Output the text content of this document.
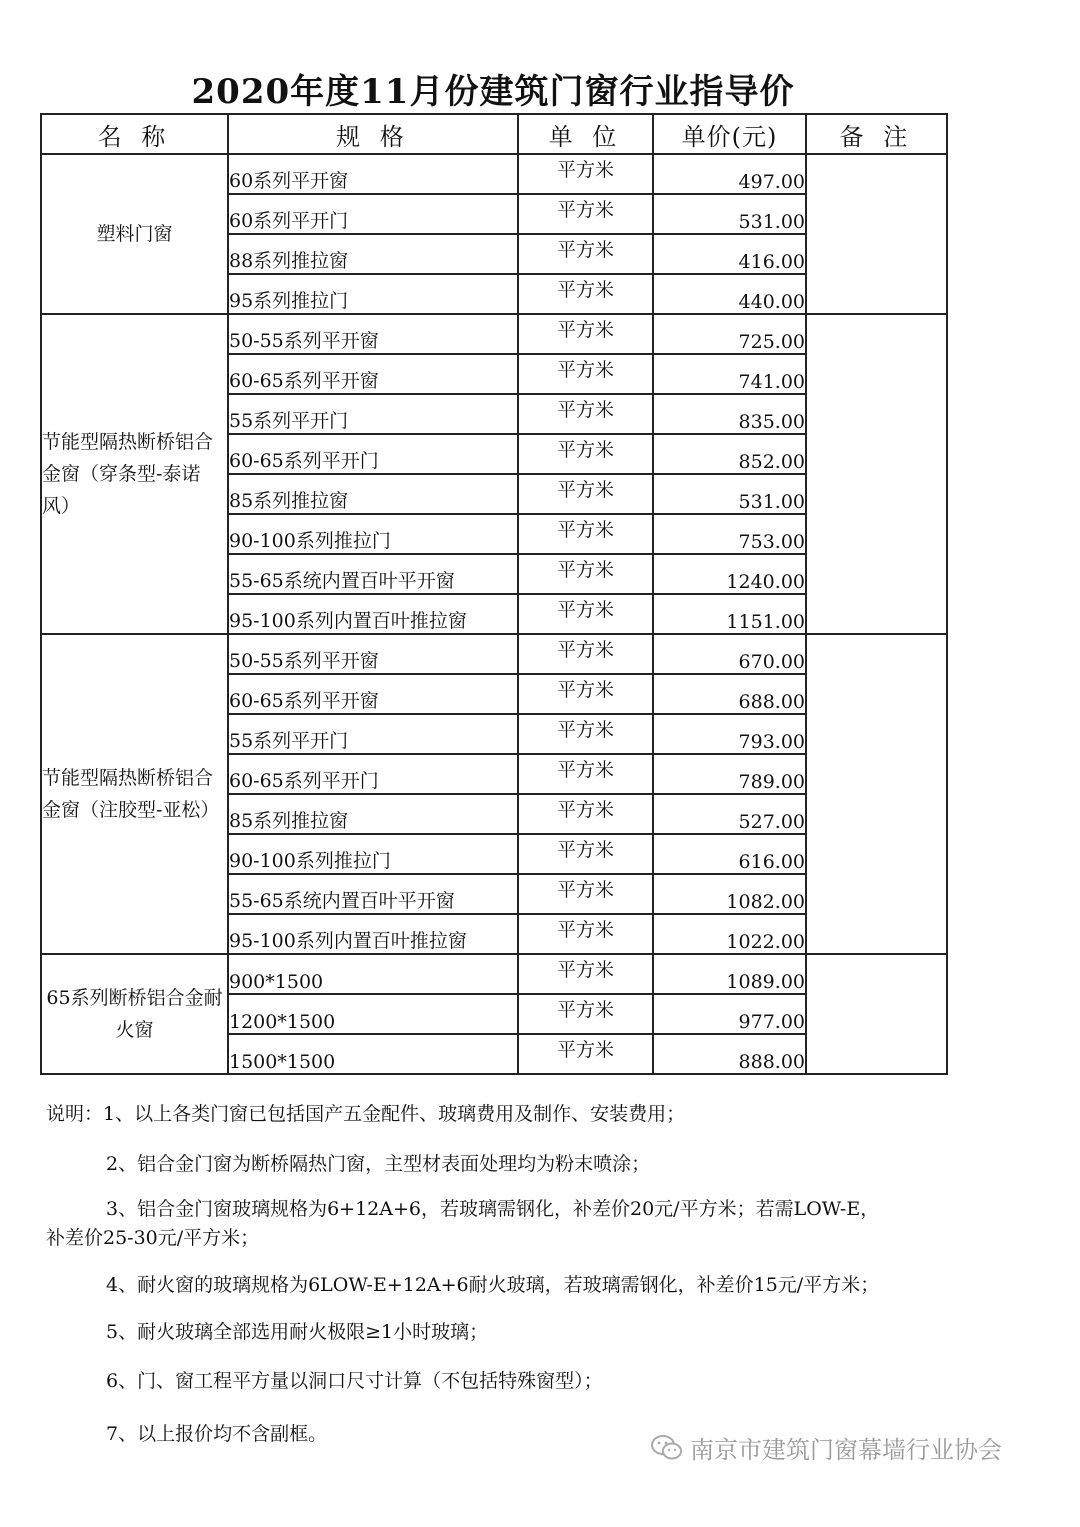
2020年度11月份建筑门窗行业指导价
名 称	规 格	单 位	单价(元)	备 注
塑料门窗	60系列平开窗	平方米	497.00	
	60系列平开门	平方米	531.00	
	88系列推拉窗	平方米	416.00	
	95系列推拉门	平方米	440.00	
节能型隔热断桥铝合金窗（穿条型-泰诺风）	50-55系列平开窗	平方米	725.00	
	60-65系列平开窗	平方米	741.00	
	55系列平开门	平方米	835.00	
	60-65系列平开门	平方米	852.00	
	85系列推拉窗	平方米	531.00	
	90-100系列推拉门	平方米	753.00	
	55-65系统内置百叶平开窗	平方米	1240.00	
	95-100系列内置百叶推拉窗	平方米	1151.00	
节能型隔热断桥铝合金窗（注胶型-亚松）	50-55系列平开窗	平方米	670.00	
	60-65系列平开窗	平方米	688.00	
	55系列平开门	平方米	793.00	
	60-65系列平开门	平方米	789.00	
	85系列推拉窗	平方米	527.00	
	90-100系列推拉门	平方米	616.00	
	55-65系统内置百叶平开窗	平方米	1082.00	
	95-100系列内置百叶推拉窗	平方米	1022.00	
65系列断桥铝合金耐火窗	900*1500	平方米	1089.00	
	1200*1500	平方米	977.00	
	1500*1500	平方米	888.00	
说明：1、以上各类门窗已包括国产五金配件、玻璃费用及制作、安装费用；
2、铝合金门窗为断桥隔热门窗，主型材表面处理均为粉末喷涂；
3、铝合金门窗玻璃规格为6+12A+6，若玻璃需钢化，补差价20元/平方米；若需LOW-E，
补差价25-30元/平方米；
4、耐火窗的玻璃规格为6LOW-E+12A+6耐火玻璃，若玻璃需钢化，补差价15元/平方米；
5、耐火玻璃全部选用耐火极限≥1小时玻璃；
6、门、窗工程平方量以洞口尺寸计算（不包括特殊窗型）；
7、以上报价均不含副框。
南京市建筑门窗幕墙行业协会
